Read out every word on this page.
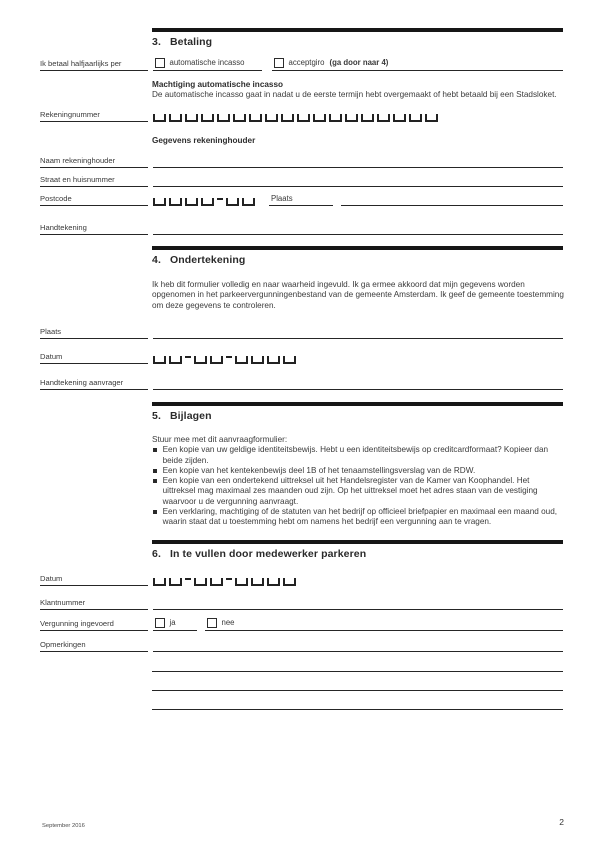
3. Betaling
Ik betaal halfjaarlijks per	automatische incasso	acceptgiro (ga door naar 4)
Machtiging automatische incasso
De automatische incasso gaat in nadat u de eerste termijn hebt overgemaakt of hebt betaald bij een Stadsloket.
Rekeningnummer
Gegevens rekeninghouder
Naam rekeninghouder
Straat en huisnummer
Postcode	Plaats
Handtekening
4. Ondertekening
Ik heb dit formulier volledig en naar waarheid ingevuld. Ik ga ermee akkoord dat mijn gegevens worden opgenomen in het parkeervergunningenbestand van de gemeente Amsterdam. Ik geef de gemeente toestemming om deze gegevens te controleren.
Plaats
Datum
Handtekening aanvrager
5. Bijlagen
Stuur mee met dit aanvraagformulier:
Een kopie van uw geldige identiteitsbewijs. Hebt u een identiteitsbewijs op creditcardformaat? Kopieer dan beide zijden.
Een kopie van het kentekenbewijs deel 1B of het tenaamstellingsverslag van de RDW.
Een kopie van een ondertekend uittreksel uit het Handelsregister van de Kamer van Koophandel. Het uittreksel mag maximaal zes maanden oud zijn. Op het uittreksel moet het adres staan van de vestiging waarvoor u de vergunning aanvraagt.
Een verklaring, machtiging of de statuten van het bedrijf op officieel briefpapier en maximaal een maand oud, waarin staat dat u toestemming hebt om namens het bedrijf een vergunning aan te vragen.
6. In te vullen door medewerker parkeren
Datum
Klantnummer
Vergunning ingevoerd	ja	nee
Opmerkingen
September 2016	2
